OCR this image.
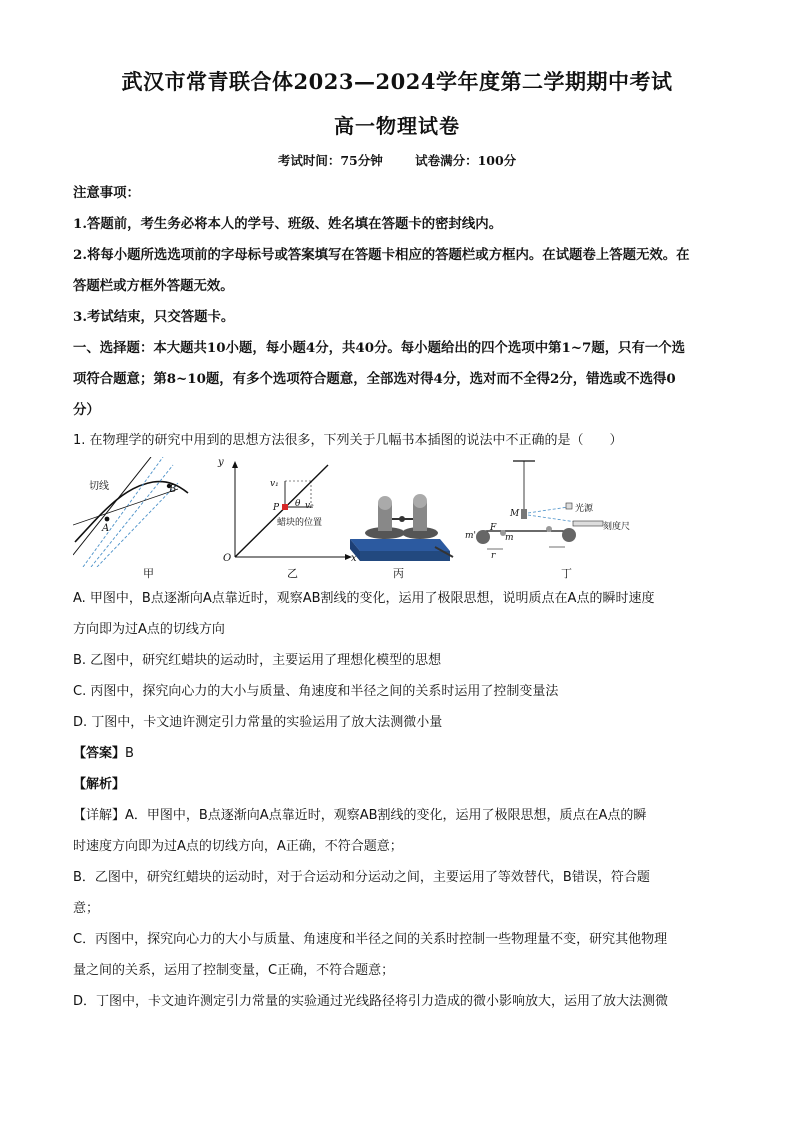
武汉市常青联合体2023—2024学年度第二学期期中考试
高一物理试卷
考试时间：75分钟	试卷满分：100分
注意事项：
1.答题前，考生务必将本人的学号、班级、姓名填在答题卡的密封线内。
2.将每小题所选选项前的字母标号或答案填写在答题卡相应的答题栏或方框内。在试题卷上答题无效。在
答题栏或方框外答题无效。
3.考试结束，只交答题卡。
一、选择题：本大题共10小题，每小题4分，共40分。每小题给出的四个选项中第1~7题，只有一个选
项符合题意；第8~10题，有多个选项符合题意，全部选对得4分，选对而不全得2分，错选或不选得0
分）
1. 在物理学的研究中用到的思想方法很多，下列关于几幅书本插图的说法中不正确的是（　　）
切线
A
B
甲
y
x
O
v₁
v₂
θ
P
蜡块的位置
乙	丙
光源
刻度尺
M
m'	m
F
r
丁
A. 甲图中，B点逐渐向A点靠近时，观察AB割线的变化，运用了极限思想，说明质点在A点的瞬时速度
方向即为过A点的切线方向
B. 乙图中，研究红蜡块的运动时，主要运用了理想化模型的思想
C. 丙图中，探究向心力的大小与质量、角速度和半径之间的关系时运用了控制变量法
D. 丁图中，卡文迪许测定引力常量的实验运用了放大法测微小量
【答案】B
【解析】
【详解】A．甲图中，B点逐渐向A点靠近时，观察AB割线的变化，运用了极限思想，质点在A点的瞬
时速度方向即为过A点的切线方向，A正确，不符合题意；
B．乙图中，研究红蜡块的运动时，对于合运动和分运动之间，主要运用了等效替代，B错误，符合题
意；
C．丙图中，探究向心力的大小与质量、角速度和半径之间的关系时控制一些物理量不变，研究其他物理
量之间的关系，运用了控制变量，C正确，不符合题意；
D．丁图中，卡文迪许测定引力常量的实验通过光线路径将引力造成的微小影响放大，运用了放大法测微
